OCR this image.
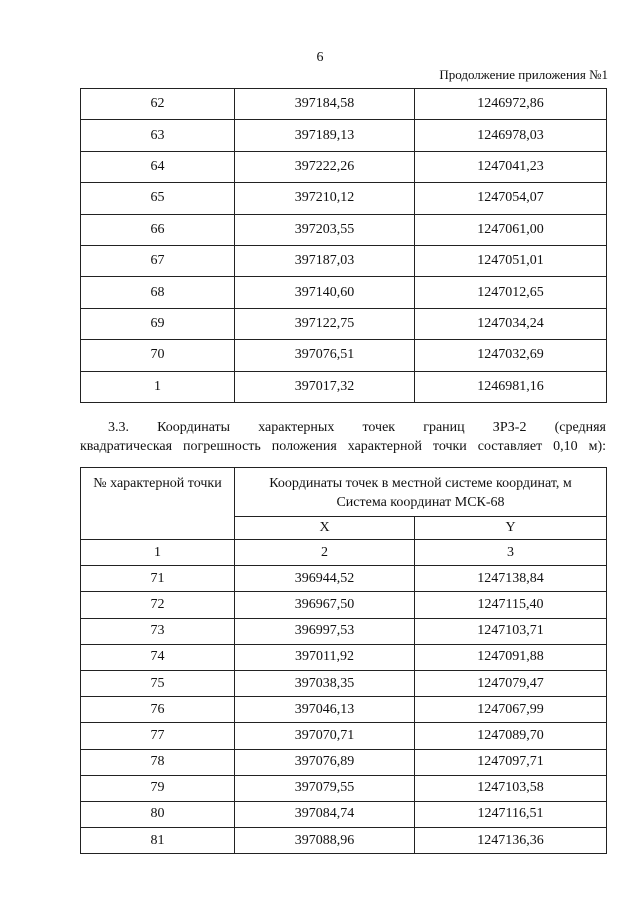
6
Продолжение приложения №1
62	397184,58	1246972,86
63	397189,13	1246978,03
64	397222,26	1247041,23
65	397210,12	1247054,07
66	397203,55	1247061,00
67	397187,03	1247051,01
68	397140,60	1247012,65
69	397122,75	1247034,24
70	397076,51	1247032,69
1	397017,32	1246981,16
3.3. Координаты характерных точек границ ЗРЗ-2 (средняя
квадратическая погрешность положения характерной точки составляет 0,10 м):
№ характерной точки	Координаты точек в местной системе координат, м
Система координат МСК-68	

	X	Y
1	2	3
71	396944,52	1247138,84
72	396967,50	1247115,40
73	396997,53	1247103,71
74	397011,92	1247091,88
75	397038,35	1247079,47
76	397046,13	1247067,99
77	397070,71	1247089,70
78	397076,89	1247097,71
79	397079,55	1247103,58
80	397084,74	1247116,51
81	397088,96	1247136,36
